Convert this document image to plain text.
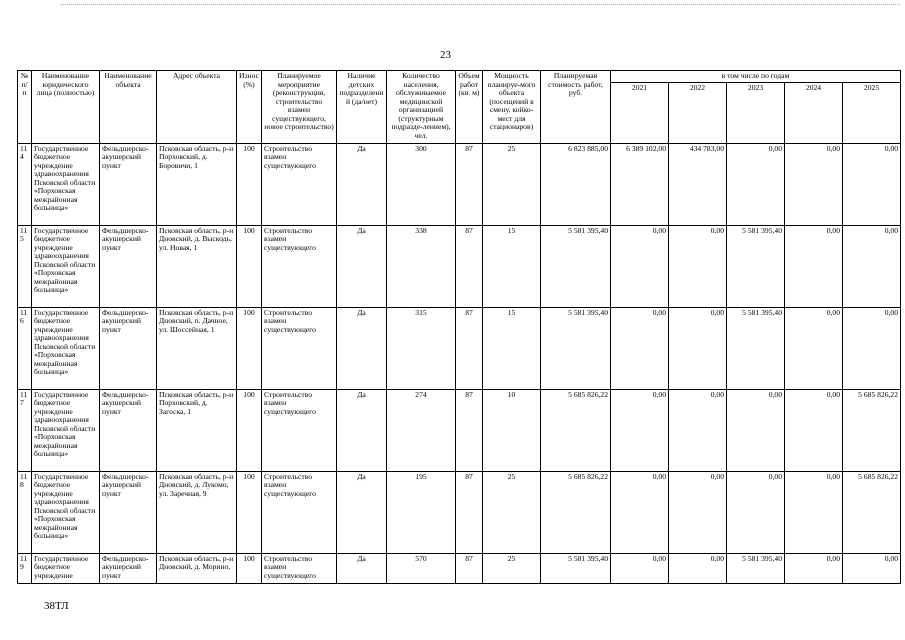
23
№ п/п	Наименование юридического лица (полностью)	Наименование объекта	Адрес объекта	Износ (%)	Планируемое мероприятие (реконструкция, строительство взамен существующего, новое строительство)	Наличие детских подразделений (да/нет)	Количество населения, обслуживаемое медицинской организацией (структурным подразде-лением), чел.	Объем работ (кв. м)	Мощность планируе-мого объекта (посещений в смену, койко-мест для стационаров)	Планируемая стоимость работ, руб.	в том числе по годам				
											2021	2022	2023	2024	2025
114	Государственное бюджетное учреждение здравоохранения Псковской области «Порховская межрайонная больница»	Фельдшерско-акушерский пункт	Псковская область, р-н Порховский, д. Боровичи, 1	100	Строительство взамен существующего	Да	300	87	25	6 823 885,00	6 389 102,00	434 783,00	0,00	0,00	0,00
115	Государственное бюджетное учреждение здравоохранения Псковской области «Порховская межрайонная больница»	Фельдшерско-акушерский пункт	Псковская область, р-н Дновский, д. Выскодь, ул. Новая, 1	100	Строительство взамен существующего	Да	338	87	15	5 581 395,40	0,00	0,00	5 581 395,40	0,00	0,00
116	Государственное бюджетное учреждение здравоохранения Псковской области «Порховская межрайонная больница»	Фельдшерско-акушерский пункт	Псковская область, р-н Дновский, п. Дачное, ул. Шоссейная, 1	100	Строительство взамен существующего	Да	315	87	15	5 581 395,40	0,00	0,00	5 581 395,40	0,00	0,00
117	Государственное бюджетное учреждение здравоохранения Псковской области «Порховская межрайонная больница»	Фельдшерско-акушерский пункт	Псковская область, р-н Порховский, д. Загоска, 1	100	Строительство взамен существующего	Да	274	87	10	5 685 826,22	0,00	0,00	0,00	0,00	5 685 826,22
118	Государственное бюджетное учреждение здравоохранения Псковской области «Порховская межрайонная больница»	Фельдшерско-акушерский пункт	Псковская область, р-н Дновский, д. Лукомо, ул. Заречная, 9	100	Строительство взамен существующего	Да	195	87	25	5 685 826,22	0,00	0,00	0,00	0,00	5 685 826,22
119	Государственное бюджетное учреждение	Фельдшерско-акушерский пункт	Псковская область, р-н Дновский, д. Морино,	100	Строительство взамен существующего	Да	570	87	25	5 581 395,40	0,00	0,00	5 581 395,40	0,00	0,00
38ТЛ
